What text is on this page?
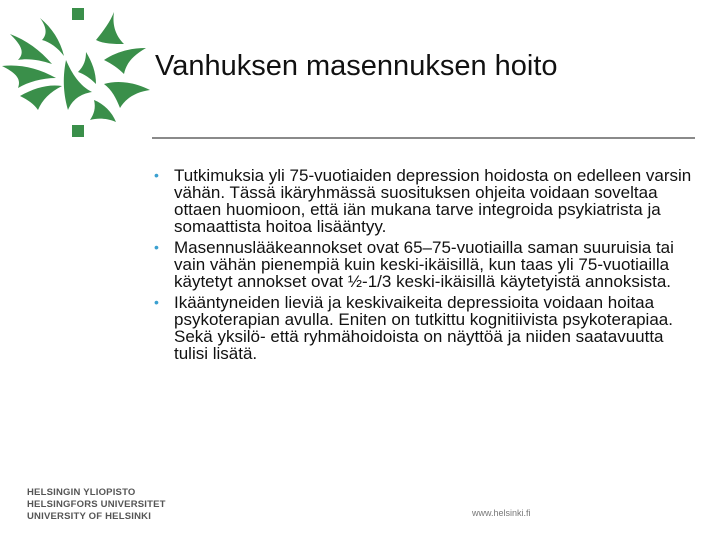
Vanhuksen masennuksen hoito
• Tutkimuksia yli 75-vuotiaiden depression hoidosta on edelleen varsin vähän. Tässä ikäryhmässä suosituksen ohjeita voidaan soveltaa ottaen huomioon, että iän mukana tarve integroida psykiatrista ja somaattista hoitoa lisääntyy.
• Masennuslääkeannokset ovat 65–75-vuotiailla saman suuruisia tai vain vähän pienempiä kuin keski-ikäisillä, kun taas yli 75-vuotiailla käytetyt annokset ovat ½-1/3 keski-ikäisillä käytetyistä annoksista.
• Ikääntyneiden lieviä ja keskivaikeita depressioita voidaan hoitaa psykoterapian avulla. Eniten on tutkittu kognitiivista psykoterapiaa. Sekä yksilö- että ryhmähoidoista on näyttöä ja niiden saatavuutta tulisi lisätä.
HELSINGIN YLIOPISTO
HELSINGFORS UNIVERSITET
UNIVERSITY OF HELSINKI	www.helsinki.fi
